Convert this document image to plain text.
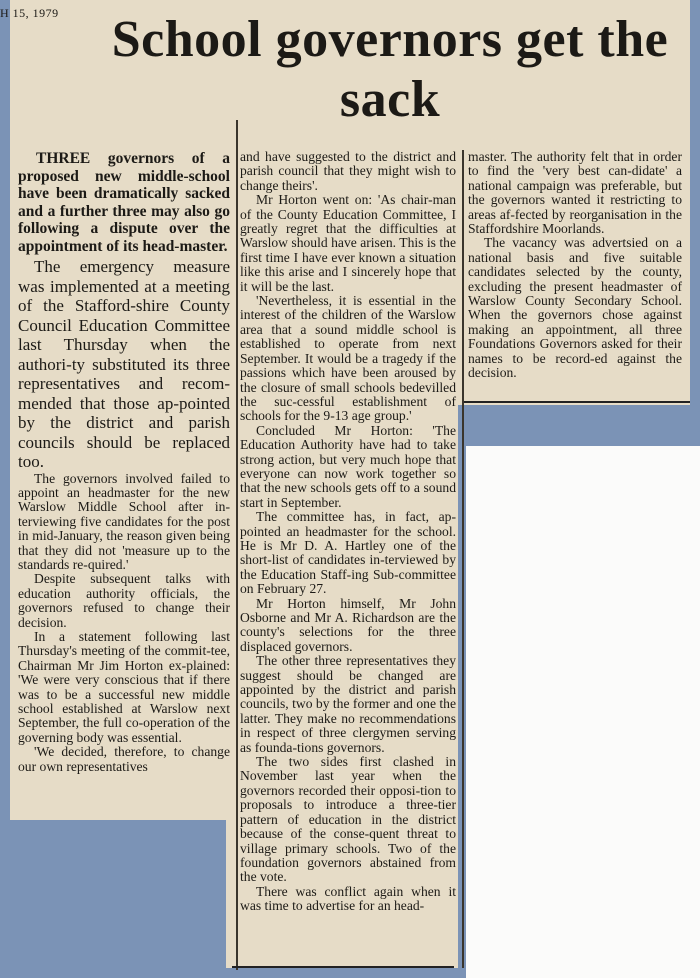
H 15, 1979 School governors get the sack

THREE governors of a proposed new middle-school have been dramatically sacked and a further three may also go following a dispute over the appointment of its head-master.

The emergency measure was implemented at a meeting of the Stafford-shire County Council Education Committee last Thursday when the authori-ty substituted its three representatives and recom-mended that those ap-pointed by the district and parish councils should be replaced too.

The governors involved failed to appoint an headmaster for the new Warslow Middle School after in-terviewing five candidates for the post in mid-January, the reason given being that they did not 'measure up to the standards re-quired.'

Despite subsequent talks with education authority officials, the governors refused to change their decision.

In a statement following last Thursday's meeting of the commit-tee, Chairman Mr Jim Horton ex-plained: 'We were very conscious that if there was to be a successful new middle school established at Warslow next September, the full co-operation of the governing body was essential.

'We decided, therefore, to change our own representatives

and have suggested to the district and parish council that they might wish to change theirs'.

Mr Horton went on: 'As chair-man of the County Education Committee, I greatly regret that the difficulties at Warslow should have arisen. This is the first time I have ever known a situation like this arise and I sincerely hope that it will be the last.

'Nevertheless, it is essential in the interest of the children of the Warslow area that a sound middle school is established to operate from next September. It would be a tragedy if the passions which have been aroused by the closure of small schools bedevilled the suc-cessful establishment of schools for the 9-13 age group.'

Concluded Mr Horton: 'The Education Authority have had to take strong action, but very much hope that everyone can now work together so that the new schools gets off to a sound start in September.

The committee has, in fact, ap-pointed an headmaster for the school. He is Mr D. A. Hartley one of the short-list of candidates in-terviewed by the Education Staff-ing Sub-committee on February 27.

Mr Horton himself, Mr John Osborne and Mr A. Richardson are the county's selections for the three displaced governors.

The other three representatives they suggest should be changed are appointed by the district and parish councils, two by the former and one the latter. They make no recommendations in respect of three clergymen serving as founda-tions governors.

The two sides first clashed in November last year when the governors recorded their opposi-tion to proposals to introduce a three-tier pattern of education in the district because of the conse-quent threat to village primary schools. Two of the foundation governors abstained from the vote.

There was conflict again when it was time to advertise for an head-

master. The authority felt that in order to find the 'very best can-didate' a national campaign was preferable, but the governors wanted it restricting to areas af-fected by reorganisation in the Staffordshire Moorlands.

The vacancy was advertsied on a national basis and five suitable candidates selected by the county, excluding the present headmaster of Warslow County Secondary School. When the governors chose against making an appointment, all three Foundations Governors asked for their names to be record-ed against the decision.
